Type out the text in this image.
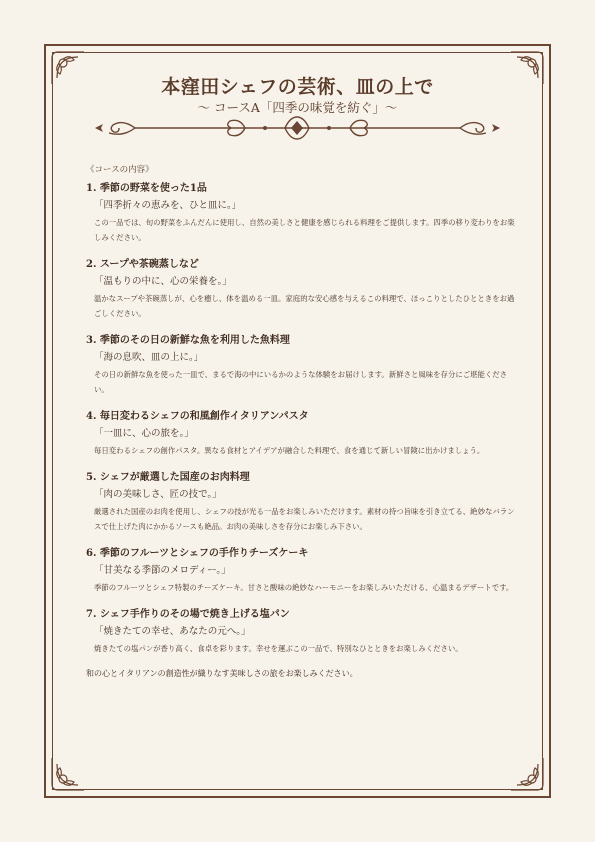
本窪田シェフの芸術、皿の上で
〜 コースA「四季の味覚を紡ぐ」〜
《コースの内容》
1. 季節の野菜を使った1品
「四季折々の恵みを、ひと皿に。」
この一品では、旬の野菜をふんだんに使用し、自然の美しさと健康を感じられる料理をご提供します。四季の移り変わりをお楽しみください。
2. スープや茶碗蒸しなど
「温もりの中に、心の栄養を。」
温かなスープや茶碗蒸しが、心を癒し、体を温める一皿。家庭的な安心感を与えるこの料理で、ほっこりとしたひとときをお過ごしください。
3. 季節のその日の新鮮な魚を利用した魚料理
「海の息吹、皿の上に。」
その日の新鮮な魚を使った一皿で、まるで海の中にいるかのような体験をお届けします。新鮮さと風味を存分にご堪能ください。
4. 毎日変わるシェフの和風創作イタリアンパスタ
「一皿に、心の旅を。」
毎日変わるシェフの創作パスタ。異なる食材とアイデアが融合した料理で、食を通じて新しい冒険に出かけましょう。
5. シェフが厳選した国産のお肉料理
「肉の美味しさ、匠の技で。」
厳選された国産のお肉を使用し、シェフの技が光る一品をお楽しみいただけます。素材の持つ旨味を引き立てる、絶妙なバランスで仕上げた肉にかかるソースも絶品。お肉の美味しさを存分にお楽しみ下さい。
6. 季節のフルーツとシェフの手作りチーズケーキ
「甘美なる季節のメロディー。」
季節のフルーツとシェフ特製のチーズケーキ。甘さと酸味の絶妙なハーモニーをお楽しみいただける、心温まるデザートです。
7. シェフ手作りのその場で焼き上げる塩パン
「焼きたての幸せ、あなたの元へ。」
焼きたての塩パンが香り高く、食卓を彩ります。幸せを運ぶこの一品で、特別なひとときをお楽しみください。
和の心とイタリアンの創造性が織りなす美味しさの旅をお楽しみください。
